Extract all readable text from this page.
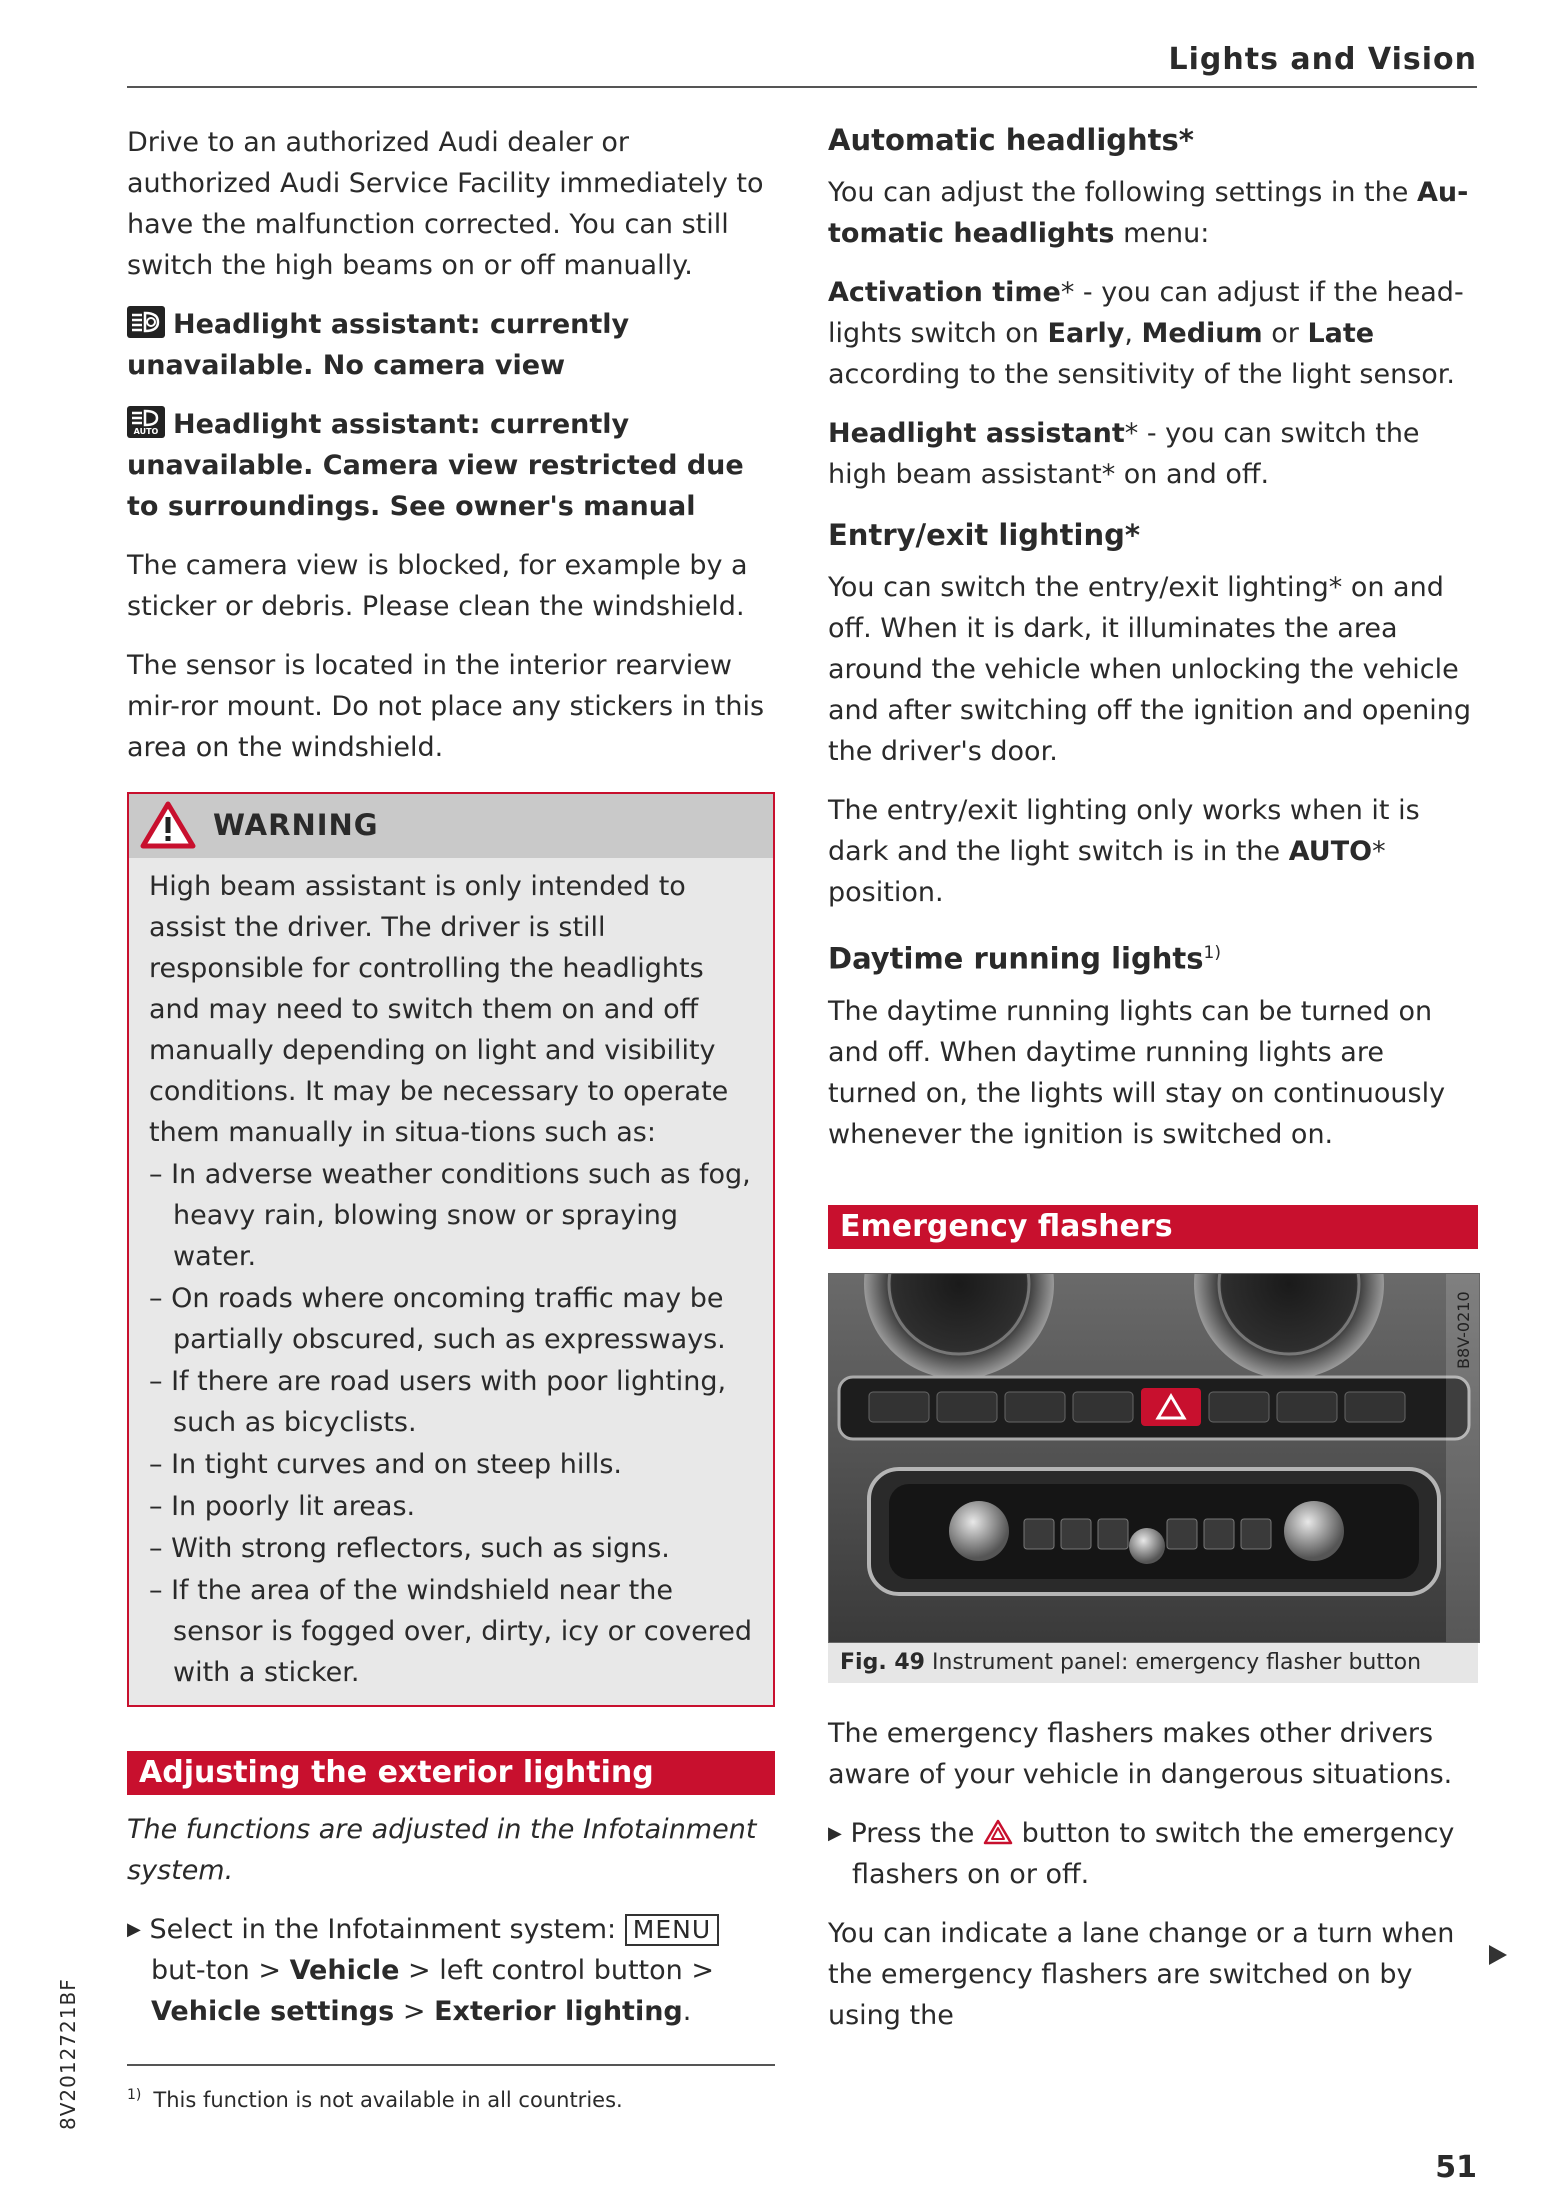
Lights and Vision

Drive to an authorized Audi dealer or authorized Audi Service Facility immediately to have the malfunction corrected. You can still switch the high beams on or off manually.

Headlight assistant: currently unavailable. No camera view

AUTO Headlight assistant: currently unavailable. Camera view restricted due to surroundings. See owner's manual

The camera view is blocked, for example by a sticker or debris. Please clean the windshield.

The sensor is located in the interior rearview mir-ror mount. Do not place any stickers in this area on the windshield.

WARNING

High beam assistant is only intended to assist the driver. The driver is still responsible for controlling the headlights and may need to switch them on and off manually depending on light and visibility conditions. It may be necessary to operate them manually in situa-tions such as:

– In adverse weather conditions such as fog, heavy rain, blowing snow or spraying water.
– On roads where oncoming traffic may be partially obscured, such as expressways.
– If there are road users with poor lighting, such as bicyclists.
– In tight curves and on steep hills.
– In poorly lit areas.
– With strong reflectors, such as signs.
– If the area of the windshield near the sensor is fogged over, dirty, icy or covered with a sticker.
Adjusting the exterior lighting

The functions are adjusted in the Infotainment system.

▶ Select in the Infotainment system: MENU but-ton > Vehicle > left control button > Vehicle settings > Exterior lighting.

Automatic headlights*

You can adjust the following settings in the Au-tomatic headlights menu:

Activation time* - you can adjust if the head-lights switch on Early, Medium or Late according to the sensitivity of the light sensor.

Headlight assistant* - you can switch the high beam assistant* on and off.

Entry/exit lighting*

You can switch the entry/exit lighting* on and off. When it is dark, it illuminates the area around the vehicle when unlocking the vehicle and after switching off the ignition and opening the driver's door.

The entry/exit lighting only works when it is dark and the light switch is in the AUTO* position.

Daytime running lights$^{1)}$

The daytime running lights can be turned on and off. When daytime running lights are turned on, the lights will stay on continuously whenever the ignition is switched on.

Emergency flashers
B8V-0210
Fig. 49 Instrument panel: emergency flasher button

The emergency flashers makes other drivers aware of your vehicle in dangerous situations.

▶ Press the button to switch the emergency flashers on or off.

You can indicate a lane change or a turn when the emergency flashers are switched on by using the

$^{1)}$ This function is not available in all countries.
8V2012721BF
51
